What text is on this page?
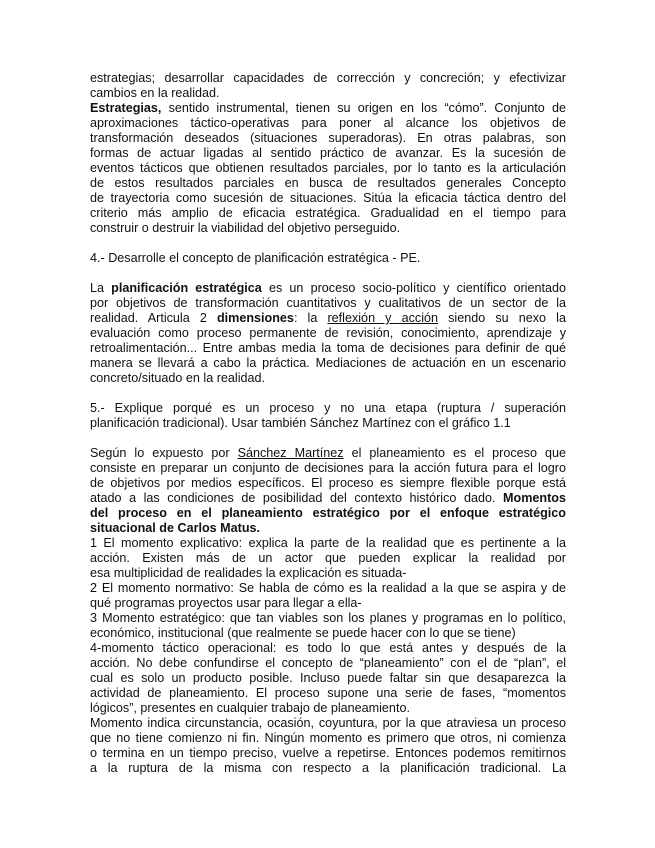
estrategias; desarrollar capacidades de corrección y concreción; y efectivizar
cambios en la realidad.
Estrategias, sentido instrumental, tienen su origen en los “cómo”. Conjunto de
aproximaciones táctico-operativas para poner al alcance los objetivos de
transformación deseados (situaciones superadoras). En otras palabras, son
formas de actuar ligadas al sentido práctico de avanzar. Es la sucesión de
eventos tácticos que obtienen resultados parciales, por lo tanto es la articulación
de estos resultados parciales en busca de resultados generales Concepto
de trayectoria como sucesión de situaciones. Sitúa la eficacia táctica dentro del
criterio más amplio de eficacia estratégica. Gradualidad en el tiempo para
construir o destruir la viabilidad del objetivo perseguido.
4.- Desarrolle el concepto de planificación estratégica - PE.
La planificación estratégica es un proceso socio-político y científico orientado
por objetivos de transformación cuantitativos y cualitativos de un sector de la
realidad. Articula 2 dimensiones: la reflexión y acción siendo su nexo la
evaluación como proceso permanente de revisión, conocimiento, aprendizaje y
retroalimentación... Entre ambas media la toma de decisiones para definir de qué
manera se llevará a cabo la práctica. Mediaciones de actuación en un escenario
concreto/situado en la realidad.
5.- Explique porqué es un proceso y no una etapa (ruptura / superación
planificación tradicional). Usar también Sánchez Martínez con el gráfico 1.1
Según lo expuesto por Sánchez Martínez el planeamiento es el proceso que
consiste en preparar un conjunto de decisiones para la acción futura para el logro
de objetivos por medios específicos. El proceso es siempre flexible porque está
atado a las condiciones de posibilidad del contexto histórico dado. Momentos
del proceso en el planeamiento estratégico por el enfoque estratégico
situacional de Carlos Matus.
1 El momento explicativo: explica la parte de la realidad que es pertinente a la
acción. Existen más de un actor que pueden explicar la realidad por
esa multiplicidad de realidades la explicación es situada-
2 El momento normativo: Se habla de cómo es la realidad a la que se aspira y de
qué programas proyectos usar para llegar a ella-
3 Momento estratégico: que tan viables son los planes y programas en lo político,
económico, institucional (que realmente se puede hacer con lo que se tiene)
4-momento táctico operacional: es todo lo que está antes y después de la
acción. No debe confundirse el concepto de “planeamiento” con el de “plan”, el
cual es solo un producto posible. Incluso puede faltar sin que desaparezca la
actividad de planeamiento. El proceso supone una serie de fases, “momentos
lógicos”, presentes en cualquier trabajo de planeamiento.
Momento indica circunstancia, ocasión, coyuntura, por la que atraviesa un proceso
que no tiene comienzo ni fin. Ningún momento es primero que otros, ni comienza
o termina en un tiempo preciso, vuelve a repetirse. Entonces podemos remitirnos
a la ruptura de la misma con respecto a la planificación tradicional. La
